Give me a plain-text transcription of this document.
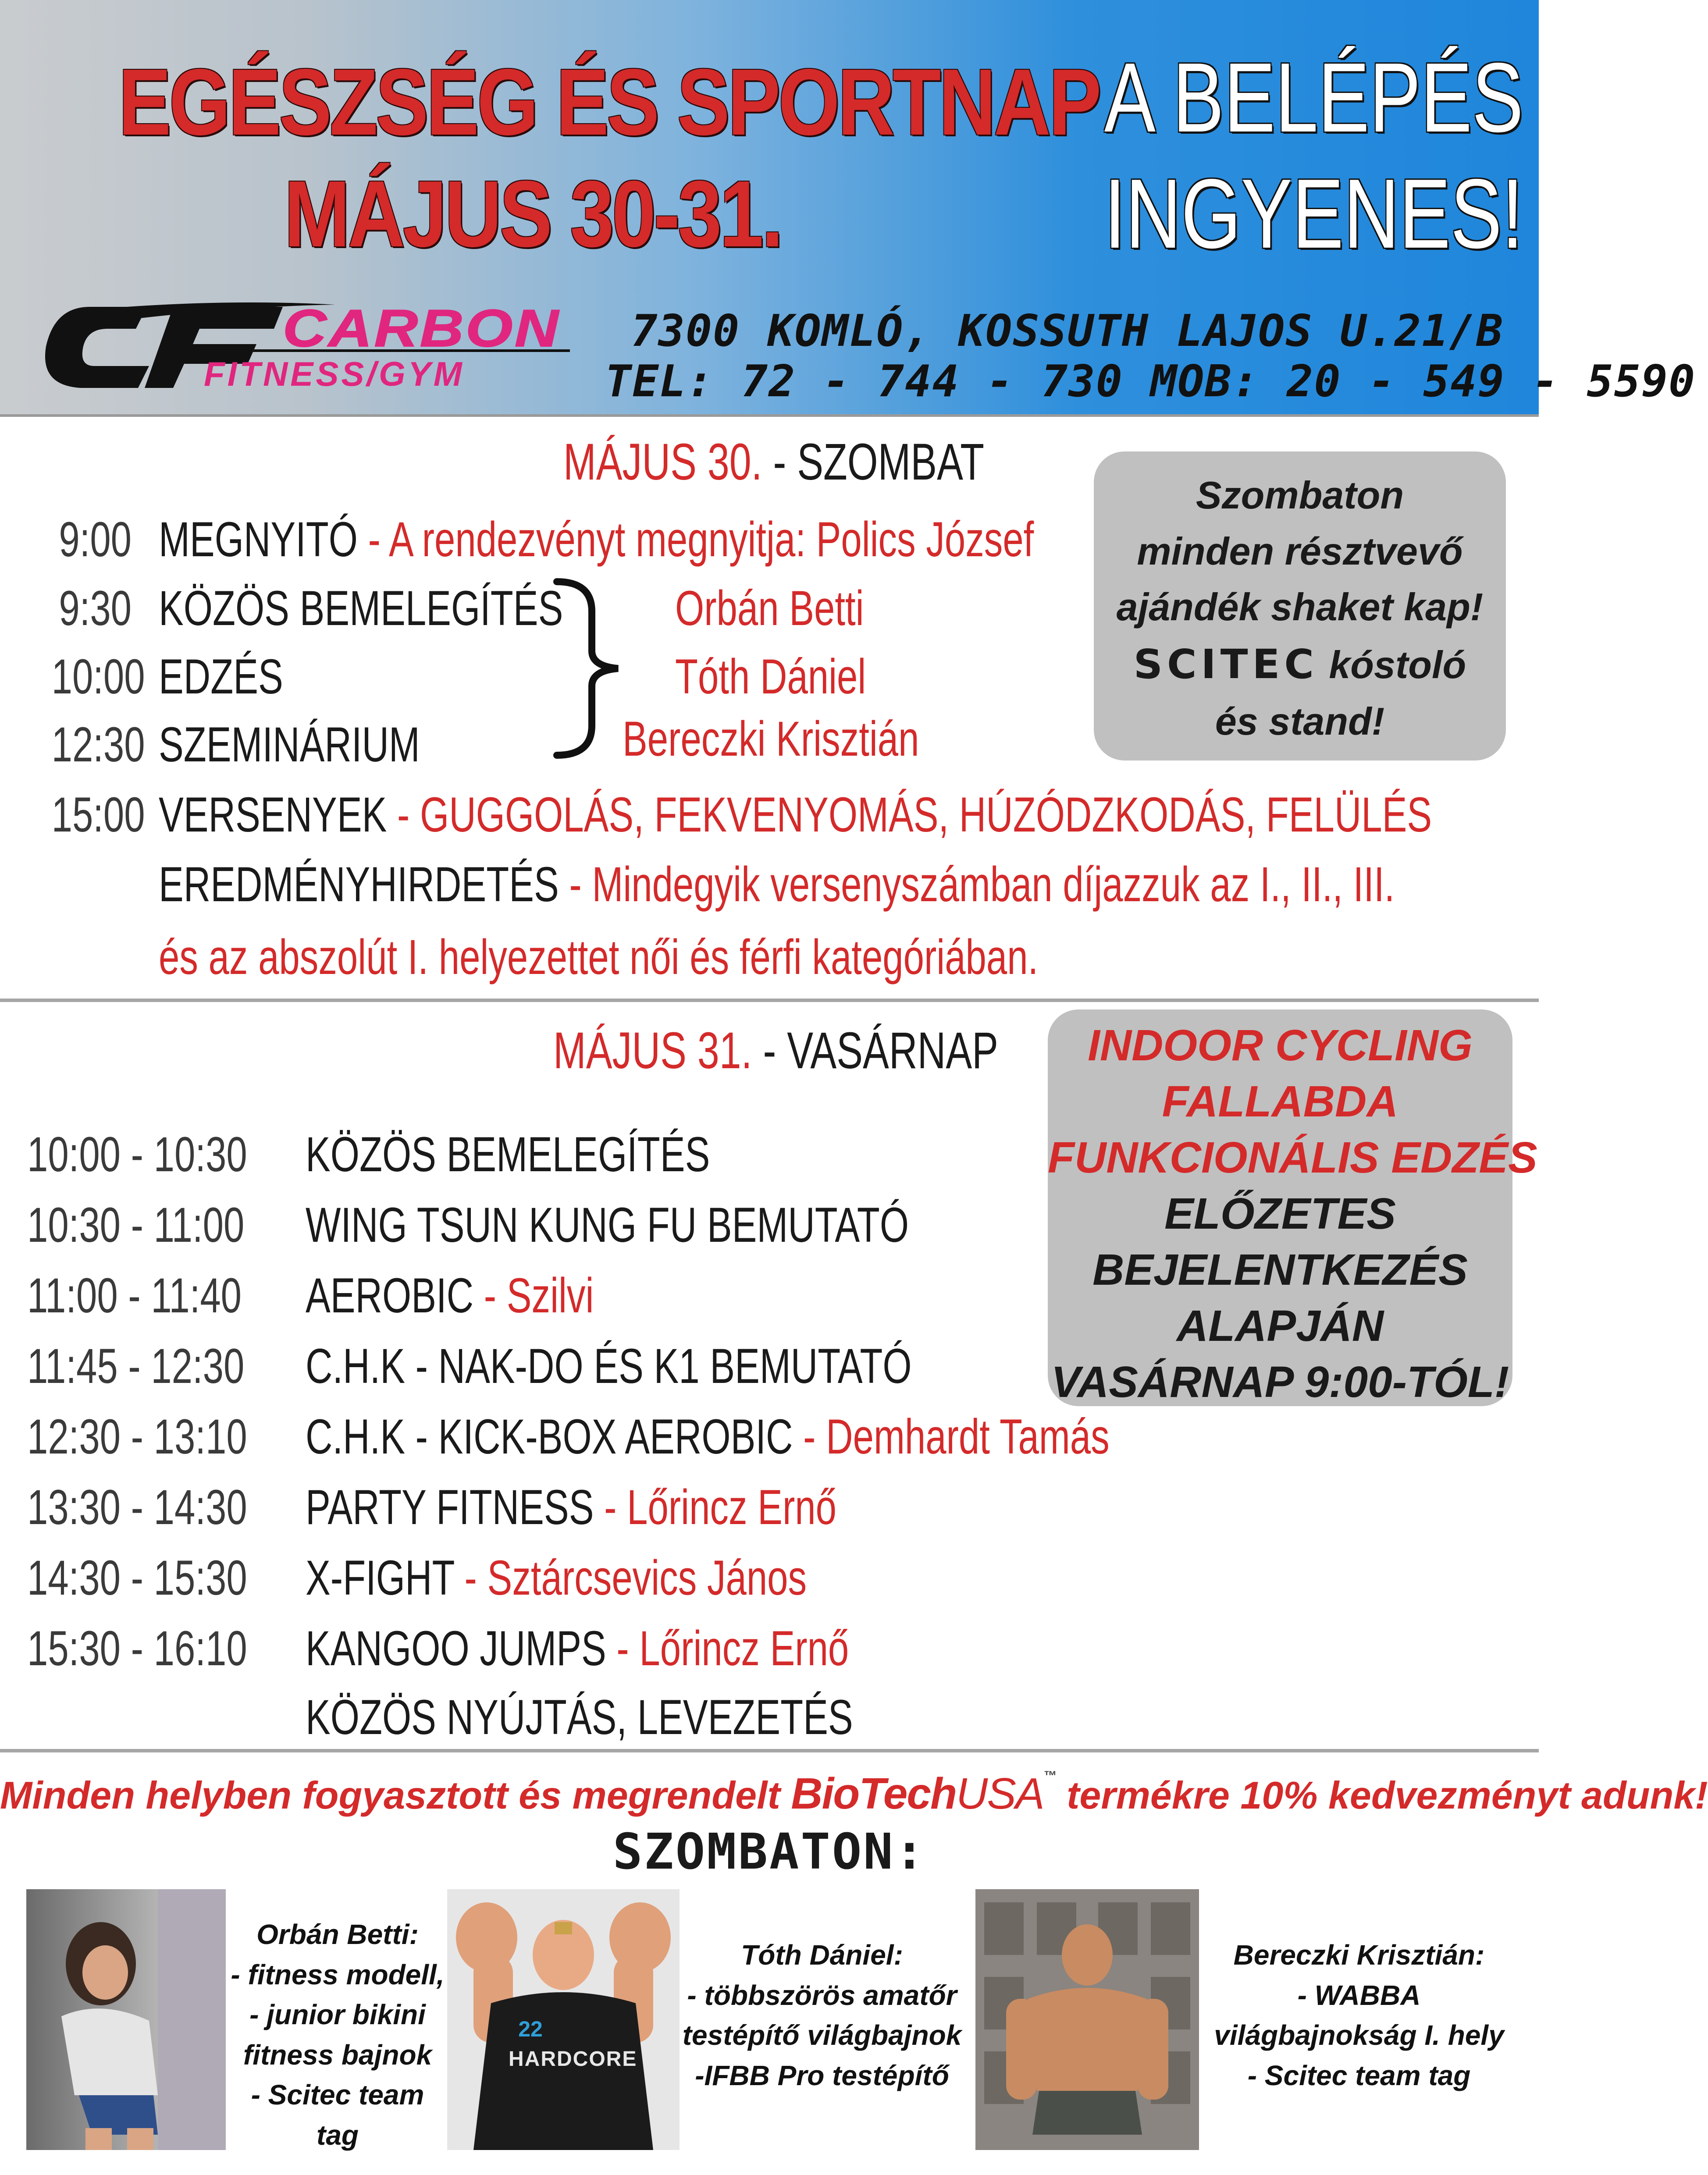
EGÉSZSÉG ÉS SPORTNAP
MÁJUS 30-31.
A BELÉPÉS
INGYENES!
CARBON
FITNESS/GYM
7300 KOMLÓ, KOSSUTH LAJOS U.21/B
TEL: 72 - 744 - 730 MOB: 20 - 549 - 5590
MÁJUS 30. - SZOMBAT
9:00 MEGNYITÓ - A rendezvényt megnyitja: Polics József
9:30 KÖZÖS BEMELEGÍTÉS
10:00 EDZÉS
12:30 SZEMINÁRIUM
15:00 VERSENYEK - GUGGOLÁS, FEKVENYOMÁS, HÚZÓDZKODÁS, FELÜLÉS
Orbán Betti
Tóth Dániel
Bereczki Krisztián
EREDMÉNYHIRDETÉS - Mindegyik versenyszámban díjazzuk az I., II., III.
és az abszolút I. helyezettet női és férfi kategóriában.
Szombaton
minden résztvevő
ajándék shaket kap!
SCITEC kóstoló
és stand!
MÁJUS 31. - VASÁRNAP
10:00 - 10:30 KÖZÖS BEMELEGÍTÉS
10:30 - 11:00 WING TSUN KUNG FU BEMUTATÓ
11:00 - 11:40 AEROBIC - Szilvi
11:45 - 12:30 C.H.K - NAK-DO ÉS K1 BEMUTATÓ
12:30 - 13:10 C.H.K - KICK-BOX AEROBIC - Demhardt Tamás
13:30 - 14:30 PARTY FITNESS - Lőrincz Ernő
14:30 - 15:30 X-FIGHT - Sztárcsevics János
15:30 - 16:10 KANGOO JUMPS - Lőrincz Ernő
KÖZÖS NYÚJTÁS, LEVEZETÉS
INDOOR CYCLING
FALLABDA
FUNKCIONÁLIS EDZÉS
ELŐZETES
BEJELENTKEZÉS
ALAPJÁN
VASÁRNAP 9:00-TÓL!
Minden helyben fogyasztott és megrendelt BioTechUSA™ termékre 10% kedvezményt adunk!
SZOMBATON:
Orbán Betti:
- fitness modell,
- junior bikini
fitness bajnok
- Scitec team tag
HARDCORE
22
Tóth Dániel:
- többszörös amatőr
testépítő világbajnok
-IFBB Pro testépítő
Bereczki Krisztián:
- WABBA
világbajnokság I. hely
- Scitec team tag
